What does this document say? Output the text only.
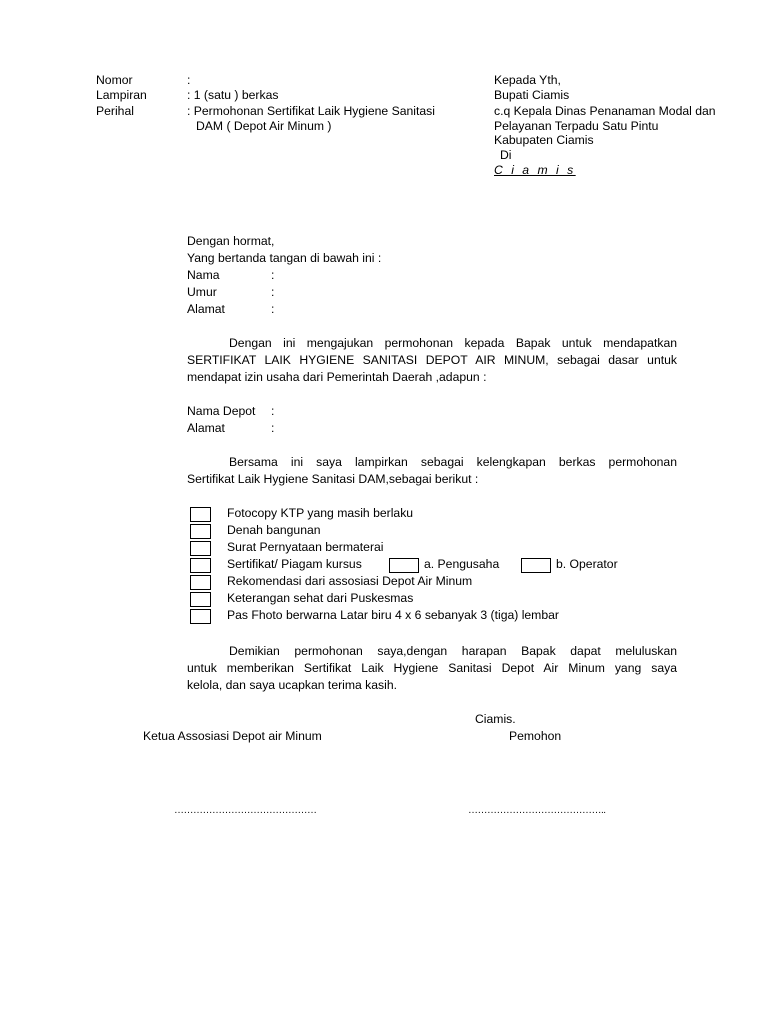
Nomor	:
Lampiran	: 1 (satu ) berkas
Perihal	: Permohonan Sertifikat Laik Hygiene Sanitasi
DAM ( Depot Air Minum )
Kepada Yth,
Bupati Ciamis
c.q Kepala Dinas Penanaman Modal dan
Pelayanan Terpadu Satu Pintu
Kabupaten Ciamis
Di
C i a m i s
Dengan hormat,
Yang bertanda tangan di bawah ini :
Nama	:
Umur	:
Alamat	:
Dengan ini mengajukan permohonan kepada Bapak untuk mendapatkan
SERTIFIKAT LAIK HYGIENE SANITASI DEPOT AIR MINUM, sebagai dasar untuk
mendapat izin usaha dari Pemerintah Daerah ,adapun :
Nama Depot :
Alamat	:
Bersama ini saya lampirkan sebagai kelengkapan berkas permohonan
Sertifikat Laik Hygiene Sanitasi DAM,sebagai berikut :
Fotocopy KTP yang masih berlaku
Denah bangunan
Surat Pernyataan bermaterai
Sertifikat/ Piagam kursus	a. Pengusaha	b. Operator
Rekomendasi dari assosiasi Depot Air Minum
Keterangan sehat dari Puskesmas
Pas Fhoto berwarna Latar biru 4 x 6 sebanyak 3 (tiga) lembar
Demikian permohonan saya,dengan harapan Bapak dapat meluluskan
untuk memberikan Sertifikat Laik Hygiene Sanitasi Depot Air Minum yang saya
kelola, dan saya ucapkan terima kasih.
Ciamis.
Ketua Assosiasi Depot air Minum	Pemohon
………………………………………	……………………………………..
